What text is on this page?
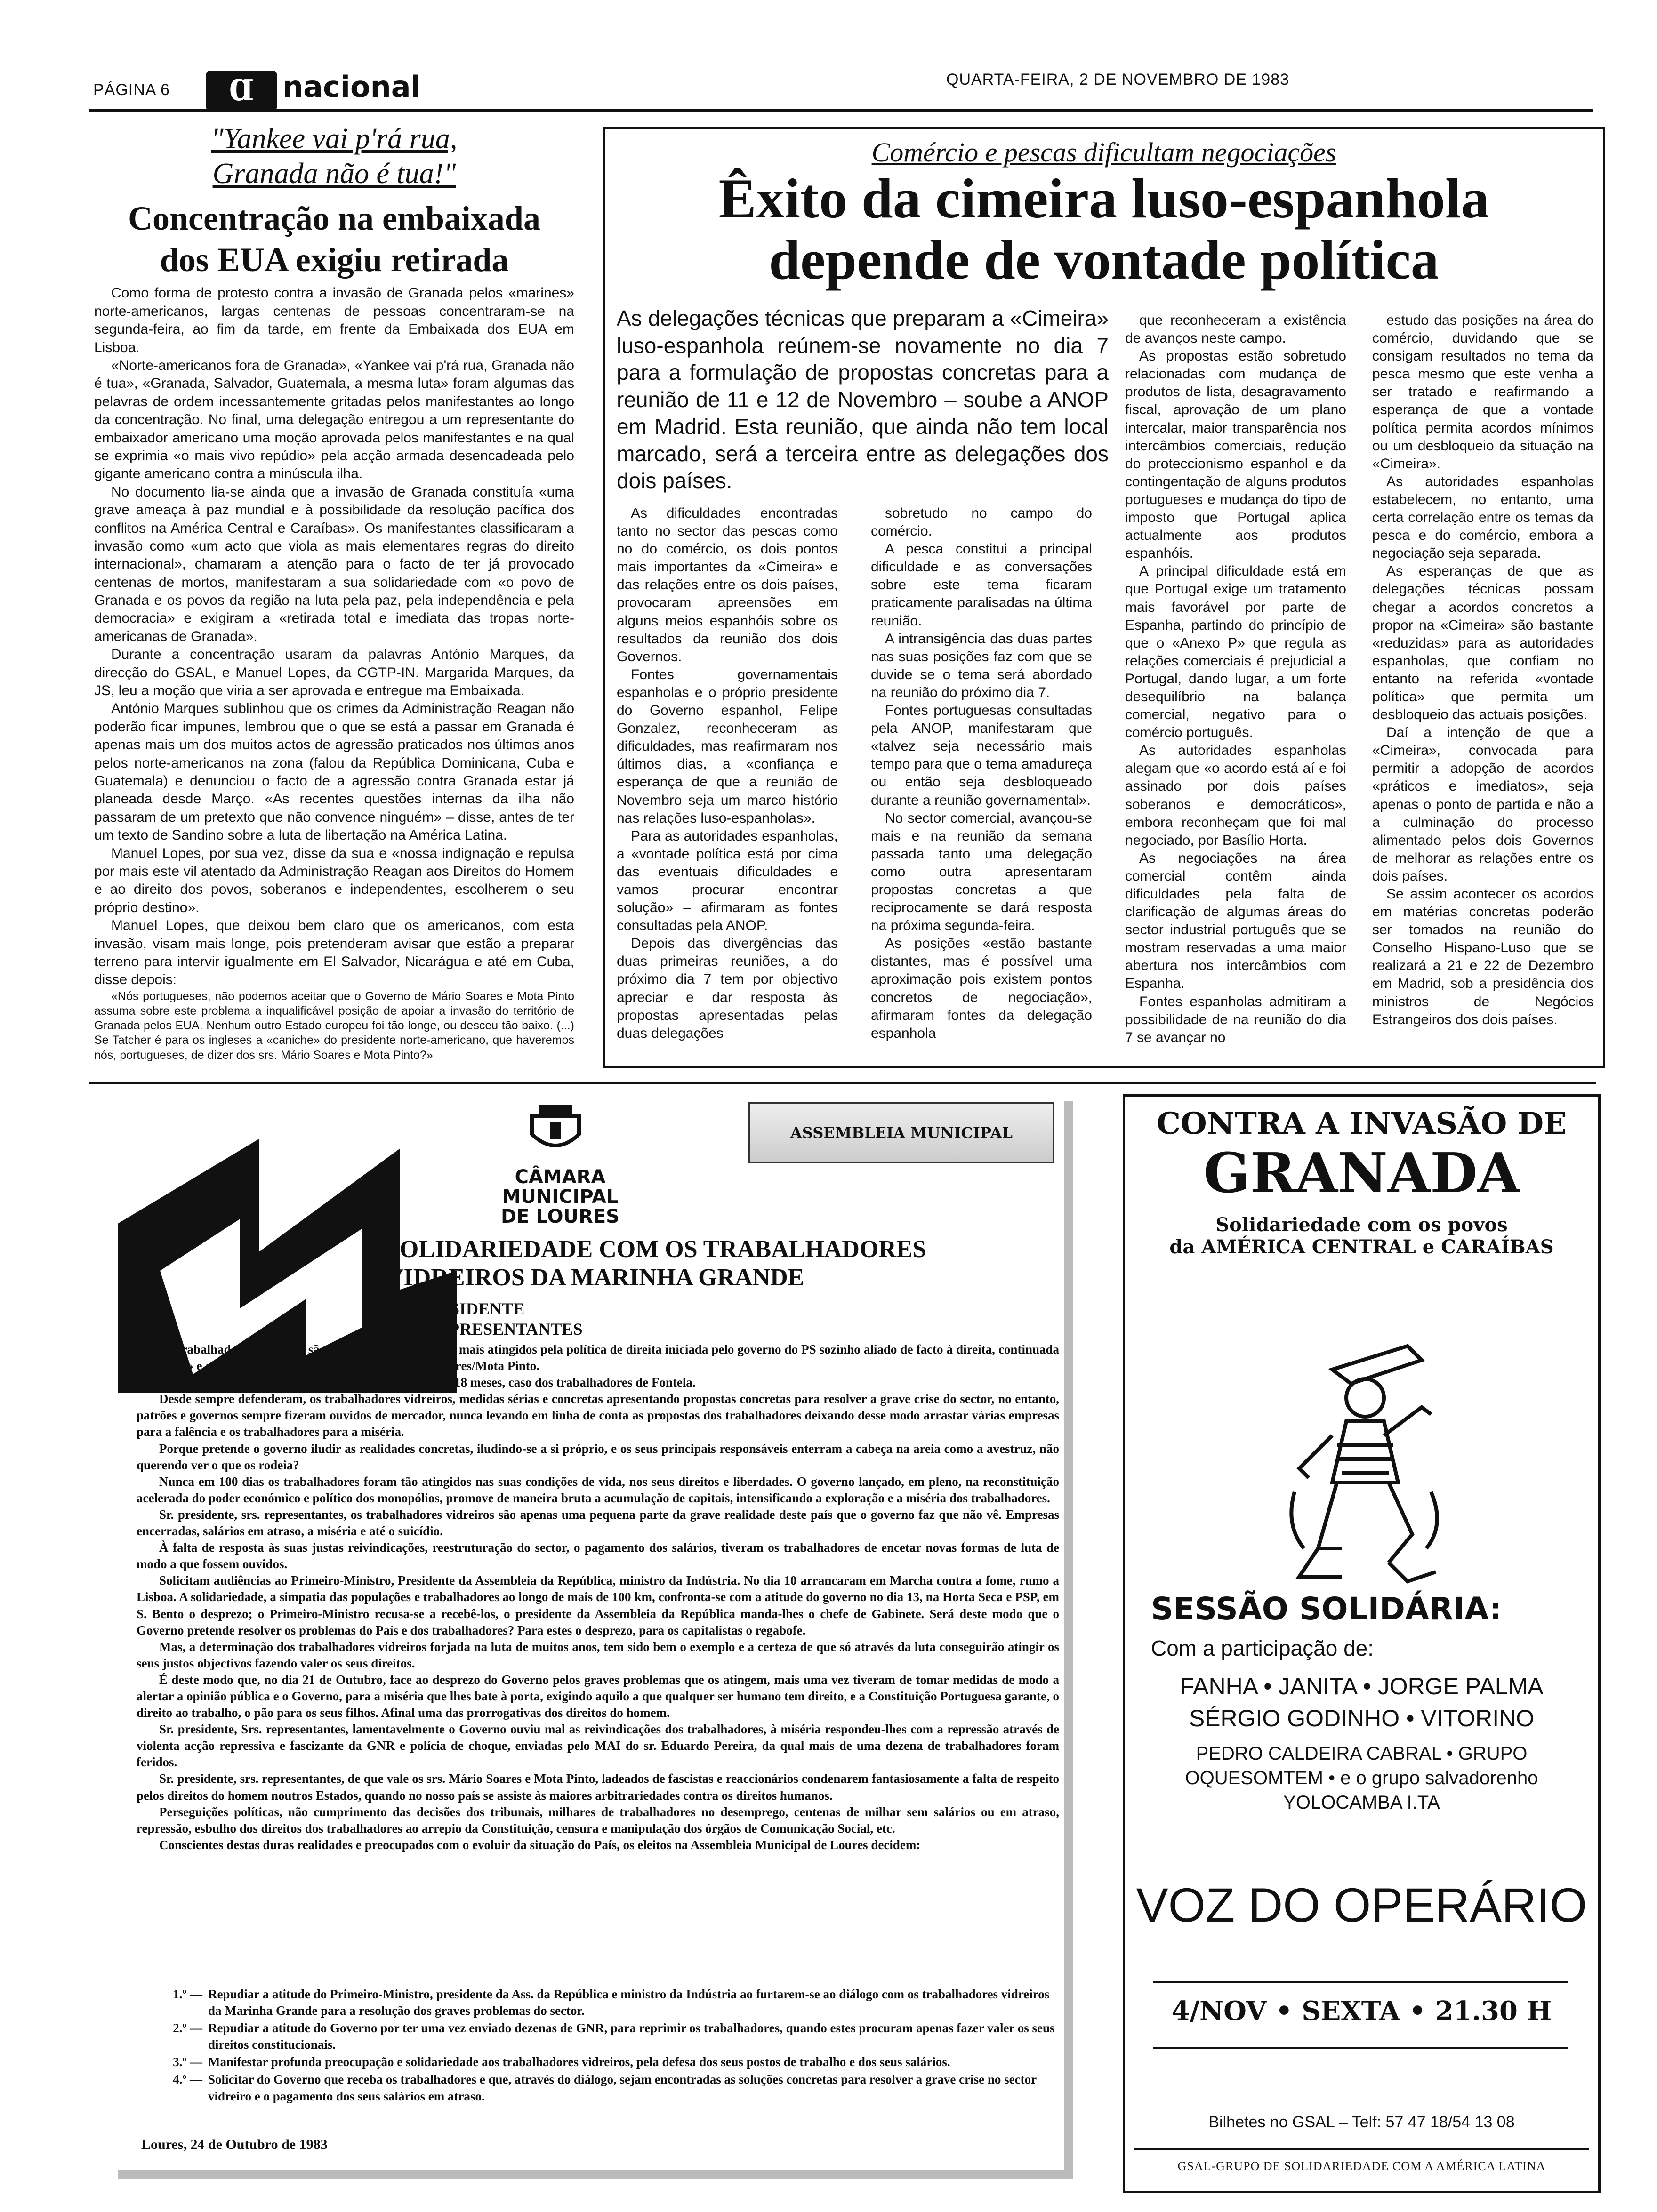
PÁGINA 6	Ɑ nacional	QUARTA-FEIRA, 2 DE NOVEMBRO DE 1983
"Yankee vai p'rá rua,
Granada não é tua!"
Concentração na embaixada
dos EUA exigiu retirada

Como forma de protesto contra a invasão de Granada pelos «marines» norte-americanos, largas centenas de pessoas concentraram-se na segunda-feira, ao fim da tarde, em frente da Embaixada dos EUA em Lisboa.

«Norte-americanos fora de Granada», «Yankee vai p'rá rua, Granada não é tua», «Granada, Salvador, Guatemala, a mesma luta» foram algumas das pelavras de ordem incessantemente gritadas pelos manifestantes ao longo da concentração. No final, uma delegação entregou a um representante do embaixador americano uma moção aprovada pelos manifestantes e na qual se exprimia «o mais vivo repúdio» pela acção armada desencadeada pelo gigante americano contra a minúscula ilha.

No documento lia-se ainda que a invasão de Granada constituía «uma grave ameaça à paz mundial e à possibilidade da resolução pacífica dos conflitos na América Central e Caraíbas». Os manifestantes classificaram a invasão como «um acto que viola as mais elementares regras do direito internacional», chamaram a atenção para o facto de ter já provocado centenas de mortos, manifestaram a sua solidariedade com «o povo de Granada e os povos da região na luta pela paz, pela independência e pela democracia» e exigiram a «retirada total e imediata das tropas norte-americanas de Granada».

Durante a concentração usaram da palavras António Marques, da direcção do GSAL, e Manuel Lopes, da CGTP-IN. Margarida Marques, da JS, leu a moção que viria a ser aprovada e entregue ma Embaixada.

António Marques sublinhou que os crimes da Administração Reagan não poderão ficar impunes, lembrou que o que se está a passar em Granada é apenas mais um dos muitos actos de agressão praticados nos últimos anos pelos norte-americanos na zona (falou da República Dominicana, Cuba e Guatemala) e denunciou o facto de a agressão contra Granada estar já planeada desde Março. «As recentes questões internas da ilha não passaram de um pretexto que não convence ninguém» – disse, antes de ter um texto de Sandino sobre a luta de libertação na América Latina.

Manuel Lopes, por sua vez, disse da sua e «nossa indignação e repulsa por mais este vil atentado da Administração Reagan aos Direitos do Homem e ao direito dos povos, soberanos e independentes, escolherem o seu próprio destino».

Manuel Lopes, que deixou bem claro que os americanos, com esta invasão, visam mais longe, pois pretenderam avisar que estão a preparar terreno para intervir igualmente em El Salvador, Nicarágua e até em Cuba, disse depois:

«Nós portugueses, não podemos aceitar que o Governo de Mário Soares e Mota Pinto assuma sobre este problema a inqualificável posição de apoiar a invasão do território de Granada pelos EUA. Nenhum outro Estado europeu foi tão longe, ou desceu tão baixo. (...) Se Tatcher é para os ingleses a «caniche» do presidente norte-americano, que haveremos nós, portugueses, de dizer dos srs. Mário Soares e Mota Pinto?»

Comércio e pescas dificultam negociações
Êxito da cimeira luso-espanhola
depende de vontade política
As delegações técnicas que preparam a «Cimeira» luso-espanhola reúnem-se novamente no dia 7 para a formulação de propostas concretas para a reunião de 11 e 12 de Novembro – soube a ANOP em Madrid. Esta reunião, que ainda não tem local marcado, será a terceira entre as delegações dos dois países.

As dificuldades encontradas tanto no sector das pescas como no do comércio, os dois pontos mais importantes da «Cimeira» e das relações entre os dois países, provocaram apreensões em alguns meios espanhóis sobre os resultados da reunião dos dois Governos.

Fontes governamentais espanholas e o próprio presidente do Governo espanhol, Felipe Gonzalez, reconheceram as dificuldades, mas reafirmaram nos últimos dias, a «confiança e esperança de que a reunião de Novembro seja um marco histório nas relações luso-espanholas».

Para as autoridades espanholas, a «vontade política está por cima das eventuais dificuldades e vamos procurar encontrar solução» – afirmaram as fontes consultadas pela ANOP.

Depois das divergências das duas primeiras reuniões, a do próximo dia 7 tem por objectivo apreciar e dar resposta às propostas apresentadas pelas duas delegações

sobretudo no campo do comércio.

A pesca constitui a principal dificuldade e as conversações sobre este tema ficaram praticamente paralisadas na última reunião.

A intransigência das duas partes nas suas posições faz com que se duvide se o tema será abordado na reunião do próximo dia 7.

Fontes portuguesas consultadas pela ANOP, manifestaram que «talvez seja necessário mais tempo para que o tema amadureça ou então seja desbloqueado durante a reunião governamental».

No sector comercial, avançou-se mais e na reunião da semana passada tanto uma delegação como outra apresentaram propostas concretas a que reciprocamente se dará resposta na próxima segunda-feira.

As posições «estão bastante distantes, mas é possível uma aproximação pois existem pontos concretos de negociação», afirmaram fontes da delegação espanhola

que reconheceram a existência de avanços neste campo.

As propostas estão sobretudo relacionadas com mudança de produtos de lista, desagravamento fiscal, aprovação de um plano intercalar, maior transparência nos intercâmbios comerciais, redução do proteccionismo espanhol e da contingentação de alguns produtos portugueses e mudança do tipo de imposto que Portugal aplica actualmente aos produtos espanhóis.

A principal dificuldade está em que Portugal exige um tratamento mais favorável por parte de Espanha, partindo do princípio de que o «Anexo P» que regula as relações comerciais é prejudicial a Portugal, dando lugar, a um forte desequilíbrio na balança comercial, negativo para o comércio português.

As autoridades espanholas alegam que «o acordo está aí e foi assinado por dois países soberanos e democráticos», embora reconheçam que foi mal negociado, por Basílio Horta.

As negociações na área comercial contêm ainda dificuldades pela falta de clarificação de algumas áreas do sector industrial português que se mostram reservadas a uma maior abertura nos intercâmbios com Espanha.

Fontes espanholas admitiram a possibilidade de na reunião do dia 7 se avançar no

estudo das posições na área do comércio, duvidando que se consigam resultados no tema da pesca mesmo que este venha a ser tratado e reafirmando a esperança de que a vontade política permita acordos mínimos ou um desbloqueio da situação na «Cimeira».

As autoridades espanholas estabelecem, no entanto, uma certa correlação entre os temas da pesca e do comércio, embora a negociação seja separada.

As esperanças de que as delegações técnicas possam chegar a acordos concretos a propor na «Cimeira» são bastante «reduzidas» para as autoridades espanholas, que confiam no entanto na referida «vontade política» que permita um desbloqueio das actuais posições.

Daí a intenção de que a «Cimeira», convocada para permitir a adopção de acordos «práticos e imediatos», seja apenas o ponto de partida e não a a culminação do processo alimentado pelos dois Governos de melhorar as relações entre os dois países.

Se assim acontecer os acordos em matérias concretas poderão ser tomados na reunião do Conselho Hispano-Luso que se realizará a 21 e 22 de Dezembro em Madrid, sob a presidência dos ministros de Negócios Estrangeiros dos dois países.

CÂMARA
MUNICIPAL
DE LOURES
ASSEMBLEIA MUNICIPAL
SOLIDARIEDADE COM OS TRABALHADORES
VIDREIROS DA MARINHA GRANDE
SR. PRESIDENTE
SRS. REPRESENTANTES

Os trabalhadores vidreiros são hoje, no nosso país, dos mais atingidos pela política de direita iniciada pelo governo do PS sozinho aliado de facto à direita, continuada pela «AD» e agravada pela nova versão «AD» PS/PSD, Soares/Mota Pinto.

São os salários em atraso, alguns dos quais há mais de 18 meses, caso dos trabalhadores de Fontela.

Desde sempre defenderam, os trabalhadores vidreiros, medidas sérias e concretas apresentando propostas concretas para resolver a grave crise do sector, no entanto, patrões e governos sempre fizeram ouvidos de mercador, nunca levando em linha de conta as propostas dos trabalhadores deixando desse modo arrastar várias empresas para a falência e os trabalhadores para a miséria.

Porque pretende o governo iludir as realidades concretas, iludindo-se a si próprio, e os seus principais responsáveis enterram a cabeça na areia como a avestruz, não querendo ver o que os rodeia?

Nunca em 100 dias os trabalhadores foram tão atingidos nas suas condições de vida, nos seus direitos e liberdades. O governo lançado, em pleno, na reconstituição acelerada do poder económico e político dos monopólios, promove de maneira bruta a acumulação de capitais, intensificando a exploração e a miséria dos trabalhadores.

Sr. presidente, srs. representantes, os trabalhadores vidreiros são apenas uma pequena parte da grave realidade deste país que o governo faz que não vê. Empresas encerradas, salários em atraso, a miséria e até o suicídio.

À falta de resposta às suas justas reivindicações, reestruturação do sector, o pagamento dos salários, tiveram os trabalhadores de encetar novas formas de luta de modo a que fossem ouvidos.

Solicitam audiências ao Primeiro-Ministro, Presidente da Assembleia da República, ministro da Indústria. No dia 10 arrancaram em Marcha contra a fome, rumo a Lisboa. A solidariedade, a simpatia das populações e trabalhadores ao longo de mais de 100 km, confronta-se com a atitude do governo no dia 13, na Horta Seca e PSP, em S. Bento o desprezo; o Primeiro-Ministro recusa-se a recebê-los, o presidente da Assembleia da República manda-lhes o chefe de Gabinete. Será deste modo que o Governo pretende resolver os problemas do País e dos trabalhadores? Para estes o desprezo, para os capitalistas o regabofe.

Mas, a determinação dos trabalhadores vidreiros forjada na luta de muitos anos, tem sido bem o exemplo e a certeza de que só através da luta conseguirão atingir os seus justos objectivos fazendo valer os seus direitos.

É deste modo que, no dia 21 de Outubro, face ao desprezo do Governo pelos graves problemas que os atingem, mais uma vez tiveram de tomar medidas de modo a alertar a opinião pública e o Governo, para a miséria que lhes bate à porta, exigindo aquilo a que qualquer ser humano tem direito, e a Constituição Portuguesa garante, o direito ao trabalho, o pão para os seus filhos. Afinal uma das prorrogativas dos direitos do homem.

Sr. presidente, Srs. representantes, lamentavelmente o Governo ouviu mal as reivindicações dos trabalhadores, à miséria respondeu-lhes com a repressão através de violenta acção repressiva e fascizante da GNR e polícia de choque, enviadas pelo MAI do sr. Eduardo Pereira, da qual mais de uma dezena de trabalhadores foram feridos.

Sr. presidente, srs. representantes, de que vale os srs. Mário Soares e Mota Pinto, ladeados de fascistas e reaccionários condenarem fantasiosamente a falta de respeito pelos direitos do homem noutros Estados, quando no nosso país se assiste às maiores arbitrariedades contra os direitos humanos.

Perseguições políticas, não cumprimento das decisões dos tribunais, milhares de trabalhadores no desemprego, centenas de milhar sem salários ou em atraso, repressão, esbulho dos direitos dos trabalhadores ao arrepio da Constituição, censura e manipulação dos órgãos de Comunicação Social, etc.

Conscientes destas duras realidades e preocupados com o evoluir da situação do País, os eleitos na Assembleia Municipal de Loures decidem:

1.º — Repudiar a atitude do Primeiro-Ministro, presidente da Ass. da República e ministro da Indústria ao furtarem-se ao diálogo com os trabalhadores vidreiros da Marinha Grande para a resolução dos graves problemas do sector.
2.º — Repudiar a atitude do Governo por ter uma vez enviado dezenas de GNR, para reprimir os trabalhadores, quando estes procuram apenas fazer valer os seus direitos constitucionais.
3.º — Manifestar profunda preocupação e solidariedade aos trabalhadores vidreiros, pela defesa dos seus postos de trabalho e dos seus salários.
4.º — Solicitar do Governo que receba os trabalhadores e que, através do diálogo, sejam encontradas as soluções concretas para resolver a grave crise no sector vidreiro e o pagamento dos seus salários em atraso.
Loures, 24 de Outubro de 1983
CONTRA A INVASÃO DE
GRANADA
Solidariedade com os povos
da AMÉRICA CENTRAL e CARAÍBAS
SESSÃO SOLIDÁRIA:
Com a participação de:
FANHA • JANITA • JORGE PALMA
SÉRGIO GODINHO • VITORINO
PEDRO CALDEIRA CABRAL • GRUPO
OQUESOMTEM • e o grupo salvadorenho
YOLOCAMBA I.TA
VOZ DO OPERÁRIO
4/NOV • SEXTA • 21.30 H
Bilhetes no GSAL – Telf: 57 47 18/54 13 08
GSAL-GRUPO DE SOLIDARIEDADE COM A AMÉRICA LATINA
